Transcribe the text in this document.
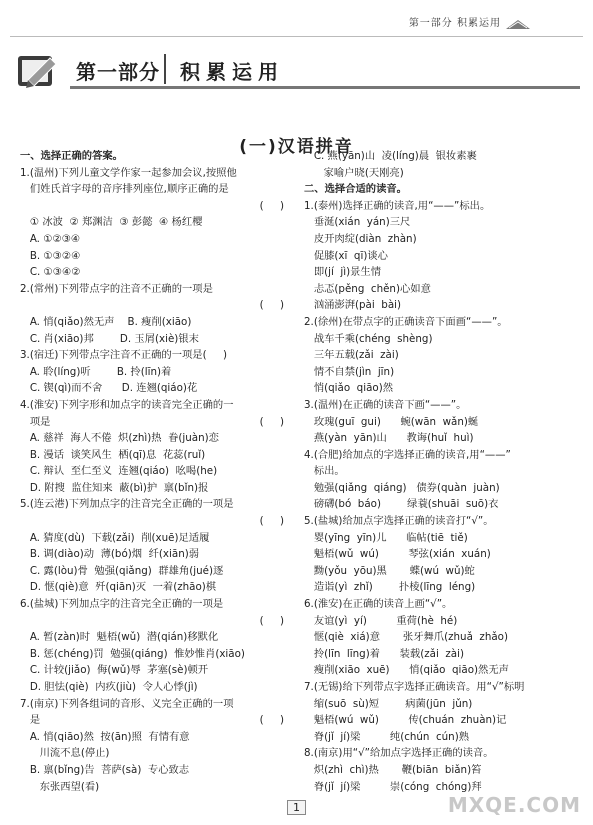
第一部分 积累运用
第一部分 积累运用
(一)汉语拼音
一、选择正确的答案。
1.(温州)下列儿童文学作家一起参加会议,按照他
们姓氏首字母的音序排列座位,顺序正确的是
(     )
① 冰波  ② 郑渊洁  ③ 彭懿  ④ 杨红樱
A. ①②③④
B. ①③②④
C. ①③④②
2.(常州)下列带点字的注音不正确的一项是
(     )
A. 悄(qiǎo)然无声    B. 瘦削(xiāo)
C. 肖(xiāo)邦        D. 玉屑(xiè)银末
3.(宿迁)下列带点字注音不正确的一项是(     )
A. 聆(líng)听        B. 拎(līn)着
C. 锲(qì)而不舍      D. 连翘(qiáo)花
4.(淮安)下列字形和加点字的读音完全正确的一
项是	(     )
A. 慈祥  海人不倦  炽(zhì)热  眷(juàn)恋
B. 漫话  谈笑风生  栖(qī)息  花蕊(ruǐ)
C. 辩认  至仁至义  连翘(qiáo)  吆喝(he)
D. 附搜  监住知来  蔽(bì)护  禀(bǐn)报
5.(连云港)下列加点字的注音完全正确的一项是
(     )
A. 猜度(dù)  下载(zǎi)  削(xuē)足适履
B. 调(diào)动  薄(bó)烟  纤(xiān)弱
C. 露(lòu)骨  勉强(qiǎng)  群雄角(jué)逐
D. 惬(qiè)意  歼(qiān)灭  一着(zhāo)棋
6.(盐城)下列加点字的注音完全正确的一项是
(     )
A. 暂(zàn)时  魁梧(wǔ)  潜(qián)移默化
B. 惩(chéng)罚  勉强(qiáng)  惟妙惟肖(xiāo)
C. 计较(jiǎo)  侮(wǔ)辱  茅塞(sè)顿开
D. 胆怯(qiè)  内疚(jiù)  令人心悸(jì)
7.(南京)下列各组词的音形、义完全正确的一项
是	(     )
A. 悄(qiāo)然  按(ān)照  有情有意
川流不息(停止)
B. 禀(bǐng)告  菩萨(sà)  专心致志
东张西望(看)
C. 燕(yān)山  凌(líng)晨  银妆素裹
家喻户晓(天刚亮)
二、选择合适的读音。
1.(泰州)选择正确的读音,用“——”标出。
垂涎(xián  yán)三尺
皮开肉绽(diàn  zhàn)
促膝(xī  qī)谈心
即(jí  jì)景生情
忐忑(pěng  chěn)心如意
汹涌澎湃(pài  bài)
2.(徐州)在带点字的正确读音下面画“——”。
战车千乘(chéng  shèng)
三年五载(zǎi  zài)
情不自禁(jìn  jīn)
悄(qiǎo  qiāo)然
3.(温州)在正确的读音下画“——”。
玫瑰(guī  gui)      蜿(wān  wǎn)蜒
燕(yàn  yān)山      教诲(huǐ  huì)
4.(合肥)给加点的字选择正确的读音,用“——”
标出。
勉强(qiǎng  qiáng)   债券(quàn  juàn)
磅礴(bó  báo)        绿蓑(shuāi  suō)衣
5.(盐城)给加点字选择正确的读音打“√”。
婴(yīng  yīn)儿      临帖(tiē  tiě)
魁梧(wǔ  wú)         琴弦(xián  xuán)
黝(yǒu  yōu)黑       蝶(wú  wǔ)蛇
造诣(yì  zhǐ)        扑棱(līng  léng)
6.(淮安)在正确的读音上画“√”。
友谊(yì  yí)         重荷(hè  hé)
惬(qiè  xiá)意       张牙舞爪(zhuǎ  zhǎo)
拎(līn  līng)着      装载(zǎi  zài)
瘦削(xiāo  xuē)      悄(qiǎo  qiāo)然无声
7.(无锡)给下列带点字选择正确读音。用“√”标明
缩(suō  sù)短        病菌(jūn  jǔn)
魁梧(wú  wǔ)         传(chuán  zhuàn)记
脊(jǐ  jí)梁         纯(chún  cún)熟
8.(南京)用“√”给加点字选择正确的读音。
炽(zhì  chì)热       鞭(biān  biǎn)笞
脊(jǐ  jí)梁         崇(cóng  chóng)拜
1	MXQE.COM
